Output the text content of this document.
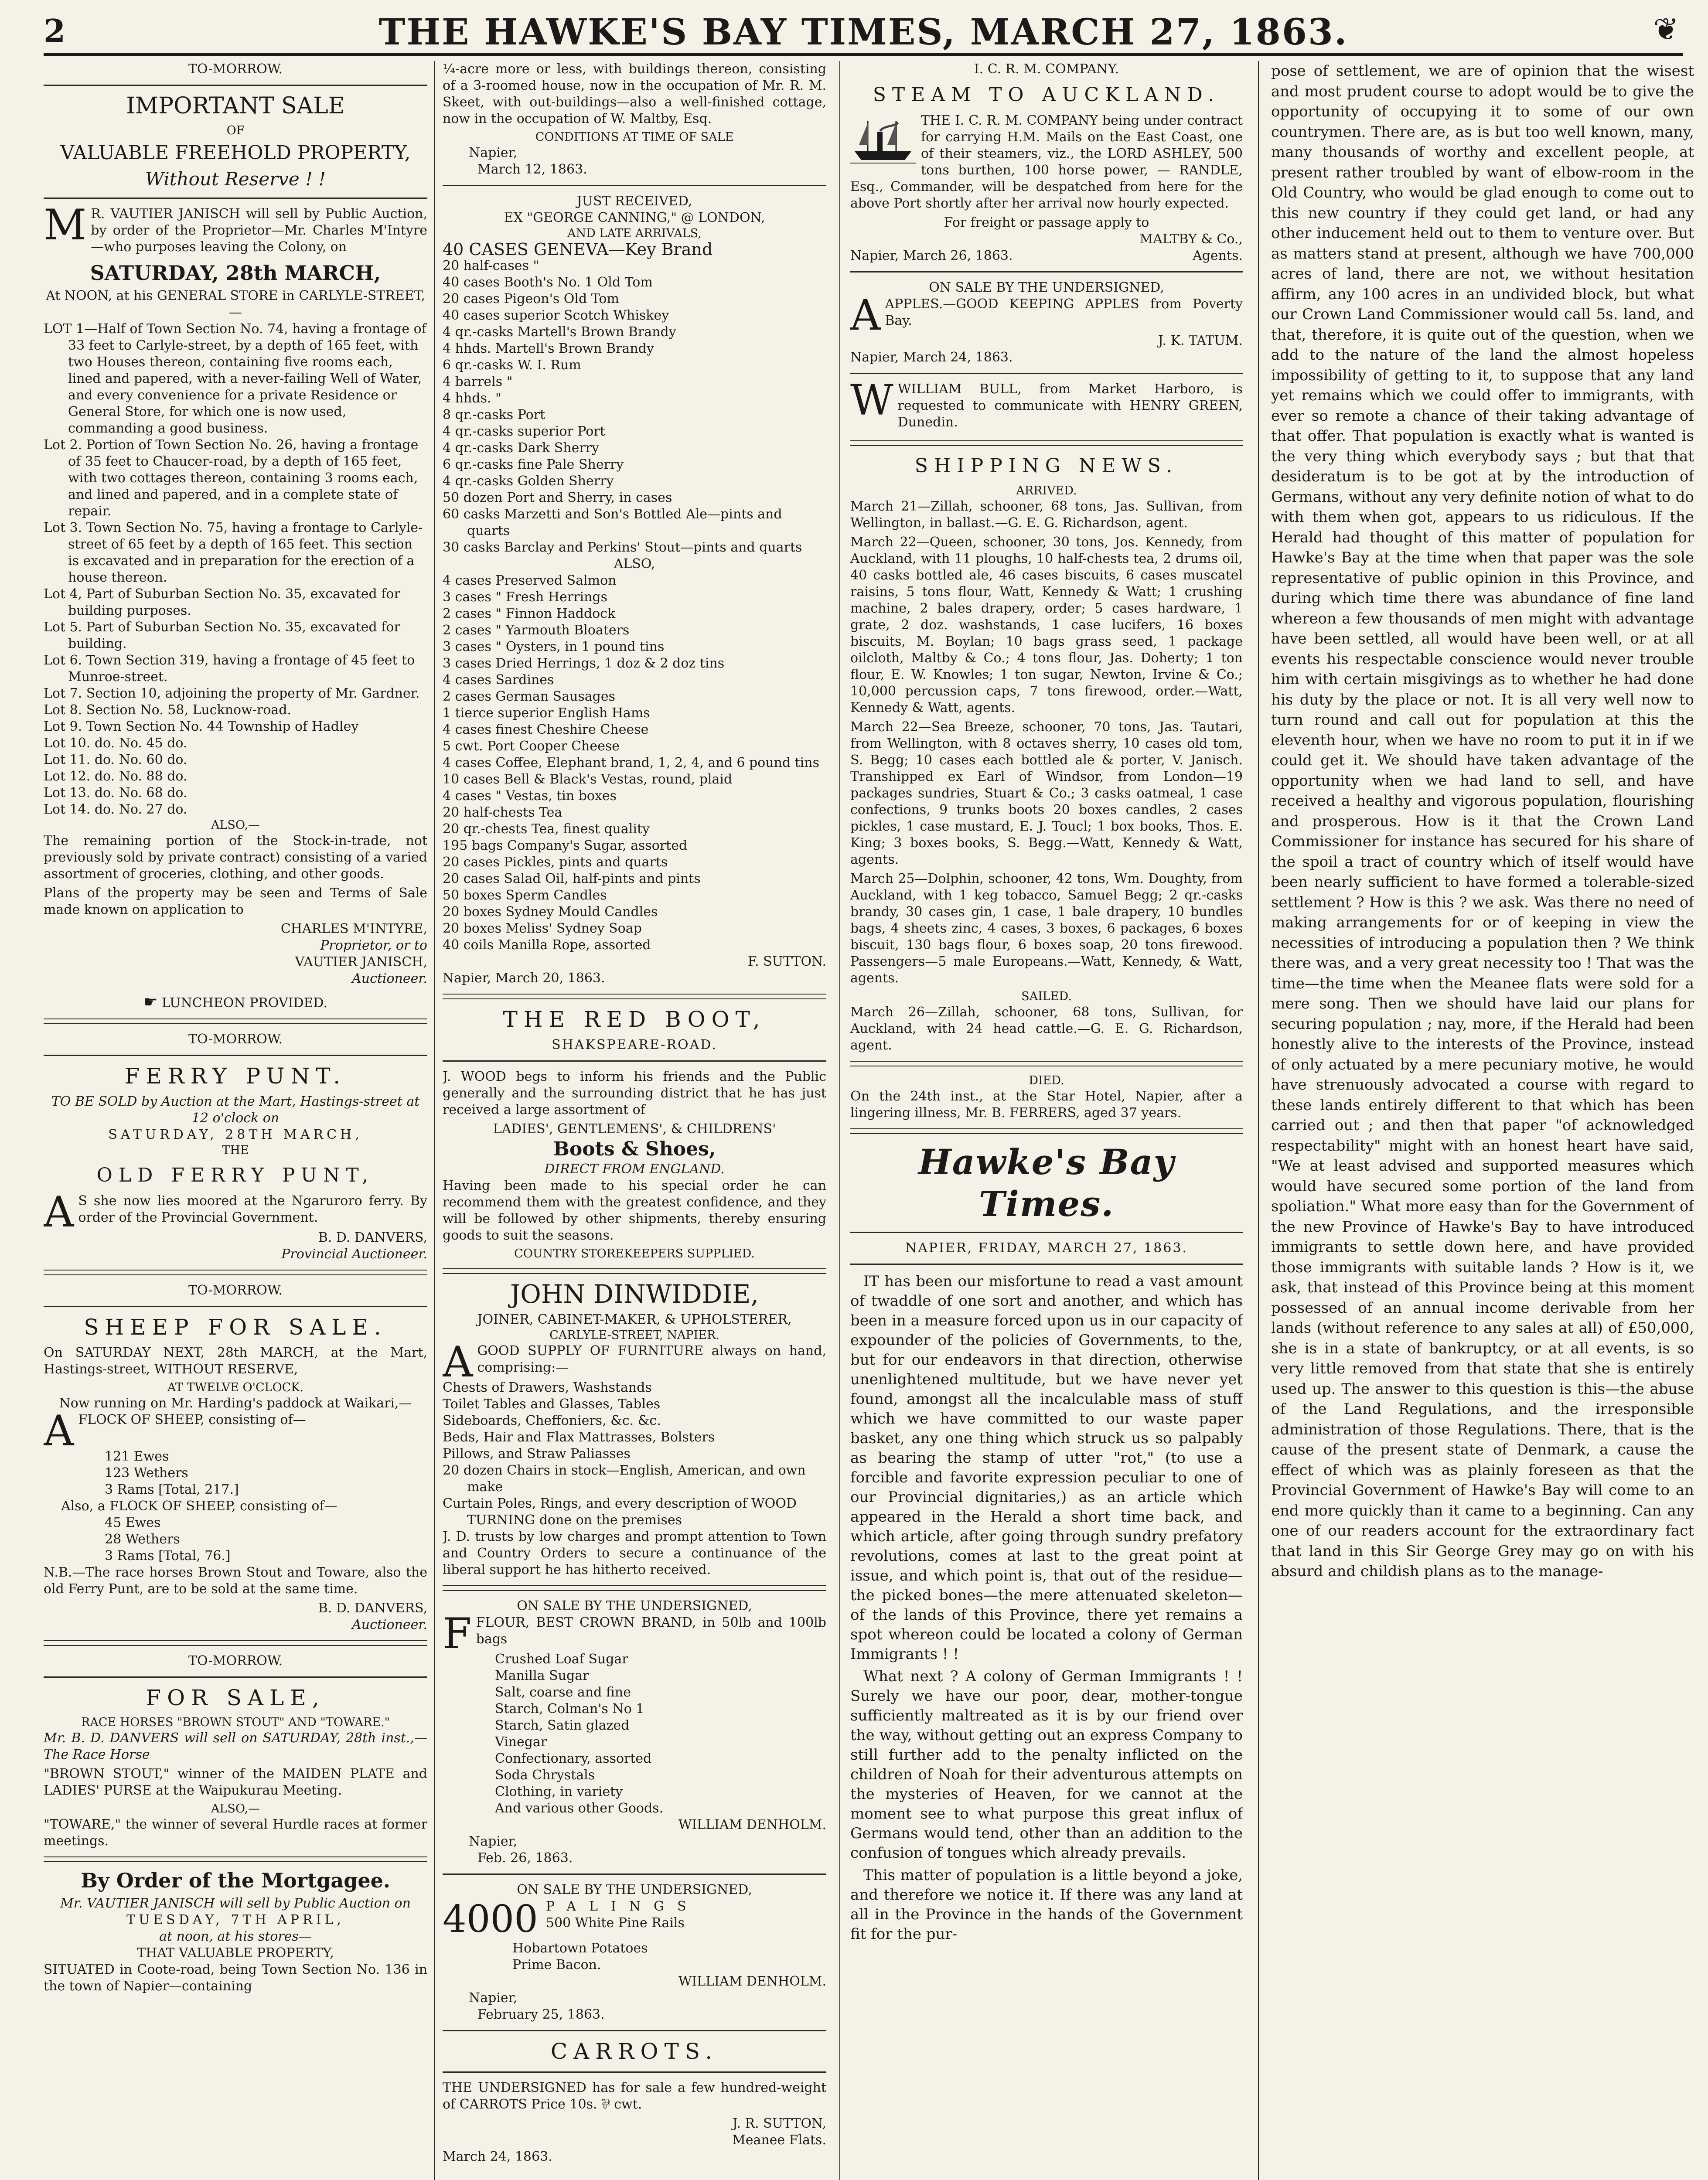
2	THE HAWKE'S BAY TIMES, MARCH 27, 1863.	❦
TO-MORROW.
IMPORTANT SALE
OF
VALUABLE FREEHOLD PROPERTY,
Without Reserve ! !

M R. VAUTIER JANISCH will sell by Public Auction, by order of the Proprietor—Mr. Charles M'Intyre—who purposes leaving the Colony, on

SATURDAY, 28th MARCH,
At NOON, at his GENERAL STORE in CARLYLE-STREET,—
LOT 1—Half of Town Section No. 74, having a frontage of 33 feet to Carlyle-street, by a depth of 165 feet, with two Houses thereon, containing five rooms each, lined and papered, with a never-failing Well of Water, and every convenience for a private Residence or General Store, for which one is now used, commanding a good business.
Lot 2. Portion of Town Section No. 26, having a frontage of 35 feet to Chaucer-road, by a depth of 165 feet, with two cottages thereon, containing 3 rooms each, and lined and papered, and in a complete state of repair.
Lot 3. Town Section No. 75, having a frontage to Carlyle-street of 65 feet by a depth of 165 feet. This section is excavated and in preparation for the erection of a house thereon.
Lot 4, Part of Suburban Section No. 35, excavated for building purposes.
Lot 5. Part of Suburban Section No. 35, excavated for building.
Lot 6. Town Section 319, having a frontage of 45 feet to Munroe-street.
Lot 7. Section 10, adjoining the property of Mr. Gardner.
Lot 8. Section No. 58, Lucknow-road.
Lot 9. Town Section No. 44 Township of Hadley
Lot 10. do. No. 45 do.
Lot 11. do. No. 60 do.
Lot 12. do. No. 88 do.
Lot 13. do. No. 68 do.
Lot 14. do. No. 27 do.
ALSO,—

The remaining portion of the Stock-in-trade, not previously sold by private contract) consisting of a varied assortment of groceries, clothing, and other goods.

Plans of the property may be seen and Terms of Sale made known on application to

CHARLES M'INTYRE,
Proprietor, or to
VAUTIER JANISCH,
Auctioneer.
☛ LUNCHEON PROVIDED.
TO-MORROW.
FERRY PUNT.
TO BE SOLD by Auction at the Mart, Hastings-street at 12 o'clock on
SATURDAY, 28TH MARCH,
THE
OLD FERRY PUNT,

A S she now lies moored at the Ngaruroro ferry. By order of the Provincial Government.

B. D. DANVERS,
Provincial Auctioneer.
TO-MORROW.
SHEEP FOR SALE.

On SATURDAY NEXT, 28th MARCH, at the Mart, Hastings-street, WITHOUT RESERVE,

AT TWELVE O'CLOCK.
Now running on Mr. Harding's paddock at Waikari,—

AFLOCK OF SHEEP, consisting of—

121 Ewes
123 Wethers
3 Rams [Total, 217.]
Also, a FLOCK OF SHEEP, consisting of—
45 Ewes
28 Wethers
3 Rams [Total, 76.]

N.B.—The race horses Brown Stout and Toware, also the old Ferry Punt, are to be sold at the same time.

B. D. DANVERS,
Auctioneer.
TO-MORROW.
FOR SALE,
RACE HORSES "BROWN STOUT" AND "TOWARE."

Mr. B. D. DANVERS will sell on SATURDAY, 28th inst.,—The Race Horse

"BROWN STOUT," winner of the MAIDEN PLATE and LADIES' PURSE at the Waipukurau Meeting.

ALSO,—

"TOWARE," the winner of several Hurdle races at former meetings.

By Order of the Mortgagee.
Mr. VAUTIER JANISCH will sell by Public Auction on
TUESDAY, 7TH APRIL,
at noon, at his stores—
THAT VALUABLE PROPERTY,

SITUATED in Coote-road, being Town Section No. 136 in the town of Napier—containing

¼-acre more or less, with buildings thereon, consisting of a 3-roomed house, now in the occupation of Mr. R. M. Skeet, with out-buildings—also a well-finished cottage, now in the occupation of W. Maltby, Esq.

CONDITIONS AT TIME OF SALE
Napier,
March 12, 1863.
JUST RECEIVED,
EX "GEORGE CANNING," @ LONDON,
AND LATE ARRIVALS,
40 CASES GENEVA—Key Brand
20 half-cases "
40 cases Booth's No. 1 Old Tom
20 cases Pigeon's Old Tom
40 cases superior Scotch Whiskey
4 qr.-casks Martell's Brown Brandy
4 hhds. Martell's Brown Brandy
6 qr.-casks W. I. Rum
4 barrels "
4 hhds. "
8 qr.-casks Port
4 qr.-casks superior Port
4 qr.-casks Dark Sherry
6 qr.-casks fine Pale Sherry
4 qr.-casks Golden Sherry
50 dozen Port and Sherry, in cases
60 casks Marzetti and Son's Bottled Ale—pints and quarts
30 casks Barclay and Perkins' Stout—pints and quarts
ALSO,
4 cases Preserved Salmon
3 cases " Fresh Herrings
2 cases " Finnon Haddock
2 cases " Yarmouth Bloaters
3 cases " Oysters, in 1 pound tins
3 cases Dried Herrings, 1 doz & 2 doz tins
4 cases Sardines
2 cases German Sausages
1 tierce superior English Hams
4 cases finest Cheshire Cheese
5 cwt. Port Cooper Cheese
4 cases Coffee, Elephant brand, 1, 2, 4, and 6 pound tins
10 cases Bell & Black's Vestas, round, plaid
4 cases " Vestas, tin boxes
20 half-chests Tea
20 qr.-chests Tea, finest quality
195 bags Company's Sugar, assorted
20 cases Pickles, pints and quarts
20 cases Salad Oil, half-pints and pints
50 boxes Sperm Candles
20 boxes Sydney Mould Candles
20 boxes Meliss' Sydney Soap
40 coils Manilla Rope, assorted
F. SUTTON.
Napier, March 20, 1863.
THE RED BOOT,
SHAKSPEARE-ROAD.

J. WOOD begs to inform his friends and the Public generally and the surrounding district that he has just received a large assortment of

LADIES', GENTLEMENS', & CHILDRENS'
Boots & Shoes,
DIRECT FROM ENGLAND.

Having been made to his special order he can recommend them with the greatest confidence, and they will be followed by other shipments, thereby ensuring goods to suit the seasons.

COUNTRY STOREKEEPERS SUPPLIED.
JOHN DINWIDDIE,
JOINER, CABINET-MAKER, & UPHOLSTERER,
CARLYLE-STREET, NAPIER.

AGOOD SUPPLY OF FURNITURE always on hand, comprising:—

Chests of Drawers, Washstands
Toilet Tables and Glasses, Tables
Sideboards, Cheffoniers, &c. &c.
Beds, Hair and Flax Mattrasses, Bolsters
Pillows, and Straw Paliasses
20 dozen Chairs in stock—English, American, and own make
Curtain Poles, Rings, and every description of WOOD TURNING done on the premises

J. D. trusts by low charges and prompt attention to Town and Country Orders to secure a continuance of the liberal support he has hitherto received.

ON SALE BY THE UNDERSIGNED,

FFLOUR, BEST CROWN BRAND, in 50lb and 100lb bags

Crushed Loaf Sugar
Manilla Sugar
Salt, coarse and fine
Starch, Colman's No 1
Starch, Satin glazed
Vinegar
Confectionary, assorted
Soda Chrystals
Clothing, in variety
And various other Goods.
WILLIAM DENHOLM.
Napier,
Feb. 26, 1863.
ON SALE BY THE UNDERSIGNED,
4000 PALINGS
500 White Pine Rails
Hobartown Potatoes
Prime Bacon.
WILLIAM DENHOLM.
Napier,
February 25, 1863.
CARROTS.

THE UNDERSIGNED has for sale a few hundred-weight of CARROTS Price 10s. ⅌ cwt.

J. R. SUTTON,
Meanee Flats.
March 24, 1863.
I. C. R. M. COMPANY.
STEAM TO AUCKLAND.

THE I. C. R. M. COMPANY being under contract for carrying H.M. Mails on the East Coast, one of their steamers, viz., the LORD ASHLEY, 500 tons burthen, 100 horse power, — RANDLE, Esq., Commander, will be despatched from here for the above Port shortly after her arrival now hourly expected.

For freight or passage apply to
MALTBY & Co.,
Napier, March 26, 1863.	Agents.
ON SALE BY THE UNDERSIGNED,

AAPPLES.—GOOD KEEPING APPLES from Poverty Bay.

J. K. TATUM.
Napier, March 24, 1863.

WWILLIAM BULL, from Market Harboro, is requested to communicate with HENRY GREEN, Dunedin.

SHIPPING NEWS.
ARRIVED.

March 21—Zillah, schooner, 68 tons, Jas. Sullivan, from Wellington, in ballast.—G. E. G. Richardson, agent.

March 22—Queen, schooner, 30 tons, Jos. Kennedy, from Auckland, with 11 ploughs, 10 half-chests tea, 2 drums oil, 40 casks bottled ale, 46 cases biscuits, 6 cases muscatel raisins, 5 tons flour, Watt, Kennedy & Watt; 1 crushing machine, 2 bales drapery, order; 5 cases hardware, 1 grate, 2 doz. washstands, 1 case lucifers, 16 boxes biscuits, M. Boylan; 10 bags grass seed, 1 package oilcloth, Maltby & Co.; 4 tons flour, Jas. Doherty; 1 ton flour, E. W. Knowles; 1 ton sugar, Newton, Irvine & Co.; 10,000 percussion caps, 7 tons firewood, order.—Watt, Kennedy & Watt, agents.

March 22—Sea Breeze, schooner, 70 tons, Jas. Tautari, from Wellington, with 8 octaves sherry, 10 cases old tom, S. Begg; 10 cases each bottled ale & porter, V. Janisch. Transhipped ex Earl of Windsor, from London—19 packages sundries, Stuart & Co.; 3 casks oatmeal, 1 case confections, 9 trunks boots 20 boxes candles, 2 cases pickles, 1 case mustard, E. J. Toucl; 1 box books, Thos. E. King; 3 boxes books, S. Begg.—Watt, Kennedy & Watt, agents.

March 25—Dolphin, schooner, 42 tons, Wm. Doughty, from Auckland, with 1 keg tobacco, Samuel Begg; 2 qr.-casks brandy, 30 cases gin, 1 case, 1 bale drapery, 10 bundles bags, 4 sheets zinc, 4 cases, 3 boxes, 6 packages, 6 boxes biscuit, 130 bags flour, 6 boxes soap, 20 tons firewood. Passengers—5 male Europeans.—Watt, Kennedy, & Watt, agents.

SAILED.

March 26—Zillah, schooner, 68 tons, Sullivan, for Auckland, with 24 head cattle.—G. E. G. Richardson, agent.

DIED.

On the 24th inst., at the Star Hotel, Napier, after a lingering illness, Mr. B. FERRERS, aged 37 years.

Hawke's Bay Times.
NAPIER, FRIDAY, MARCH 27, 1863.

IT has been our misfortune to read a vast amount of twaddle of one sort and another, and which has been in a measure forced upon us in our capacity of expounder of the policies of Governments, to the, but for our endeavors in that direction, otherwise unenlightened multitude, but we have never yet found, amongst all the incalculable mass of stuff which we have committed to our waste paper basket, any one thing which struck us so palpably as bearing the stamp of utter "rot," (to use a forcible and favorite expression peculiar to one of our Provincial dignitaries,) as an article which appeared in the Herald a short time back, and which article, after going through sundry prefatory revolutions, comes at last to the great point at issue, and which point is, that out of the residue—the picked bones—the mere attenuated skeleton—of the lands of this Province, there yet remains a spot whereon could be located a colony of German Immigrants ! !

What next ? A colony of German Immigrants ! ! Surely we have our poor, dear, mother-tongue sufficiently maltreated as it is by our friend over the way, without getting out an express Company to still further add to the penalty inflicted on the children of Noah for their adventurous attempts on the mysteries of Heaven, for we cannot at the moment see to what purpose this great influx of Germans would tend, other than an addition to the confusion of tongues which already prevails.

This matter of population is a little beyond a joke, and therefore we notice it. If there was any land at all in the Province in the hands of the Government fit for the pur-

pose of settlement, we are of opinion that the wisest and most prudent course to adopt would be to give the opportunity of occupying it to some of our own countrymen. There are, as is but too well known, many, many thousands of worthy and excellent people, at present rather troubled by want of elbow-room in the Old Country, who would be glad enough to come out to this new country if they could get land, or had any other inducement held out to them to venture over. But as matters stand at present, although we have 700,000 acres of land, there are not, we without hesitation affirm, any 100 acres in an undivided block, but what our Crown Land Commissioner would call 5s. land, and that, therefore, it is quite out of the question, when we add to the nature of the land the almost hopeless impossibility of getting to it, to suppose that any land yet remains which we could offer to immigrants, with ever so remote a chance of their taking advantage of that offer. That population is exactly what is wanted is the very thing which everybody says ; but that that desideratum is to be got at by the introduction of Germans, without any very definite notion of what to do with them when got, appears to us ridiculous. If the Herald had thought of this matter of population for Hawke's Bay at the time when that paper was the sole representative of public opinion in this Province, and during which time there was abundance of fine land whereon a few thousands of men might with advantage have been settled, all would have been well, or at all events his respectable conscience would never trouble him with certain misgivings as to whether he had done his duty by the place or not. It is all very well now to turn round and call out for population at this the eleventh hour, when we have no room to put it in if we could get it. We should have taken advantage of the opportunity when we had land to sell, and have received a healthy and vigorous population, flourishing and prosperous. How is it that the Crown Land Commissioner for instance has secured for his share of the spoil a tract of country which of itself would have been nearly sufficient to have formed a tolerable-sized settlement ? How is this ? we ask. Was there no need of making arrangements for or of keeping in view the necessities of introducing a population then ? We think there was, and a very great necessity too ! That was the time—the time when the Meanee flats were sold for a mere song. Then we should have laid our plans for securing population ; nay, more, if the Herald had been honestly alive to the interests of the Province, instead of only actuated by a mere pecuniary motive, he would have strenuously advocated a course with regard to these lands entirely different to that which has been carried out ; and then that paper "of acknowledged respectability" might with an honest heart have said, "We at least advised and supported measures which would have secured some portion of the land from spoliation." What more easy than for the Government of the new Province of Hawke's Bay to have introduced immigrants to settle down here, and have provided those immigrants with suitable lands ? How is it, we ask, that instead of this Province being at this moment possessed of an annual income derivable from her lands (without reference to any sales at all) of £50,000, she is in a state of bankruptcy, or at all events, is so very little removed from that state that she is entirely used up. The answer to this question is this—the abuse of the Land Regulations, and the irresponsible administration of those Regulations. There, that is the cause of the present state of Denmark, a cause the effect of which was as plainly foreseen as that the Provincial Government of Hawke's Bay will come to an end more quickly than it came to a beginning. Can any one of our readers account for the extraordinary fact that land in this Sir George Grey may go on with his absurd and childish plans as to the manage-
